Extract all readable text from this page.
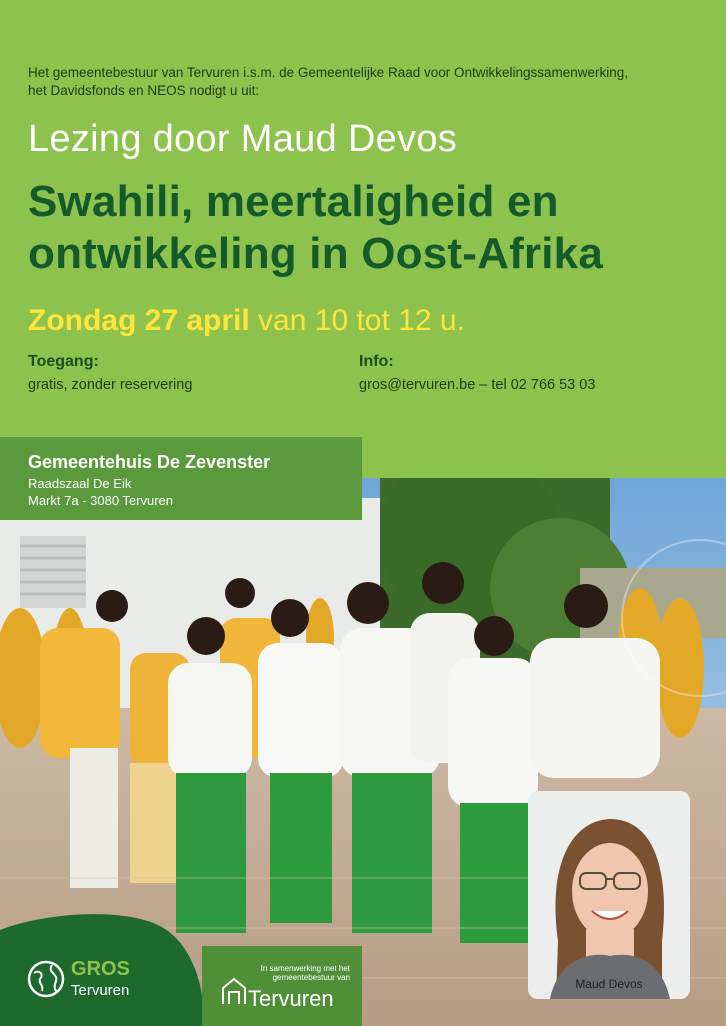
Het gemeentebestuur van Tervuren i.s.m. de Gemeentelijke Raad voor Ontwikkelingssamenwerking,
het Davidsfonds en NEOS nodigt u uit:
Lezing door Maud Devos
Swahili, meertaligheid en
ontwikkeling in Oost-Afrika
Zondag 27 april van 10 tot 12 u.
Toegang:
gratis, zonder reservering
Info:
gros@tervuren.be – tel 02 766 53 03
Gemeentehuis De Zevenster
Raadszaal De Eik
Markt 7a - 3080 Tervuren
Maud Devos
GROS
Tervuren
In samenwerking met het
gemeentebestuur van
Tervuren
